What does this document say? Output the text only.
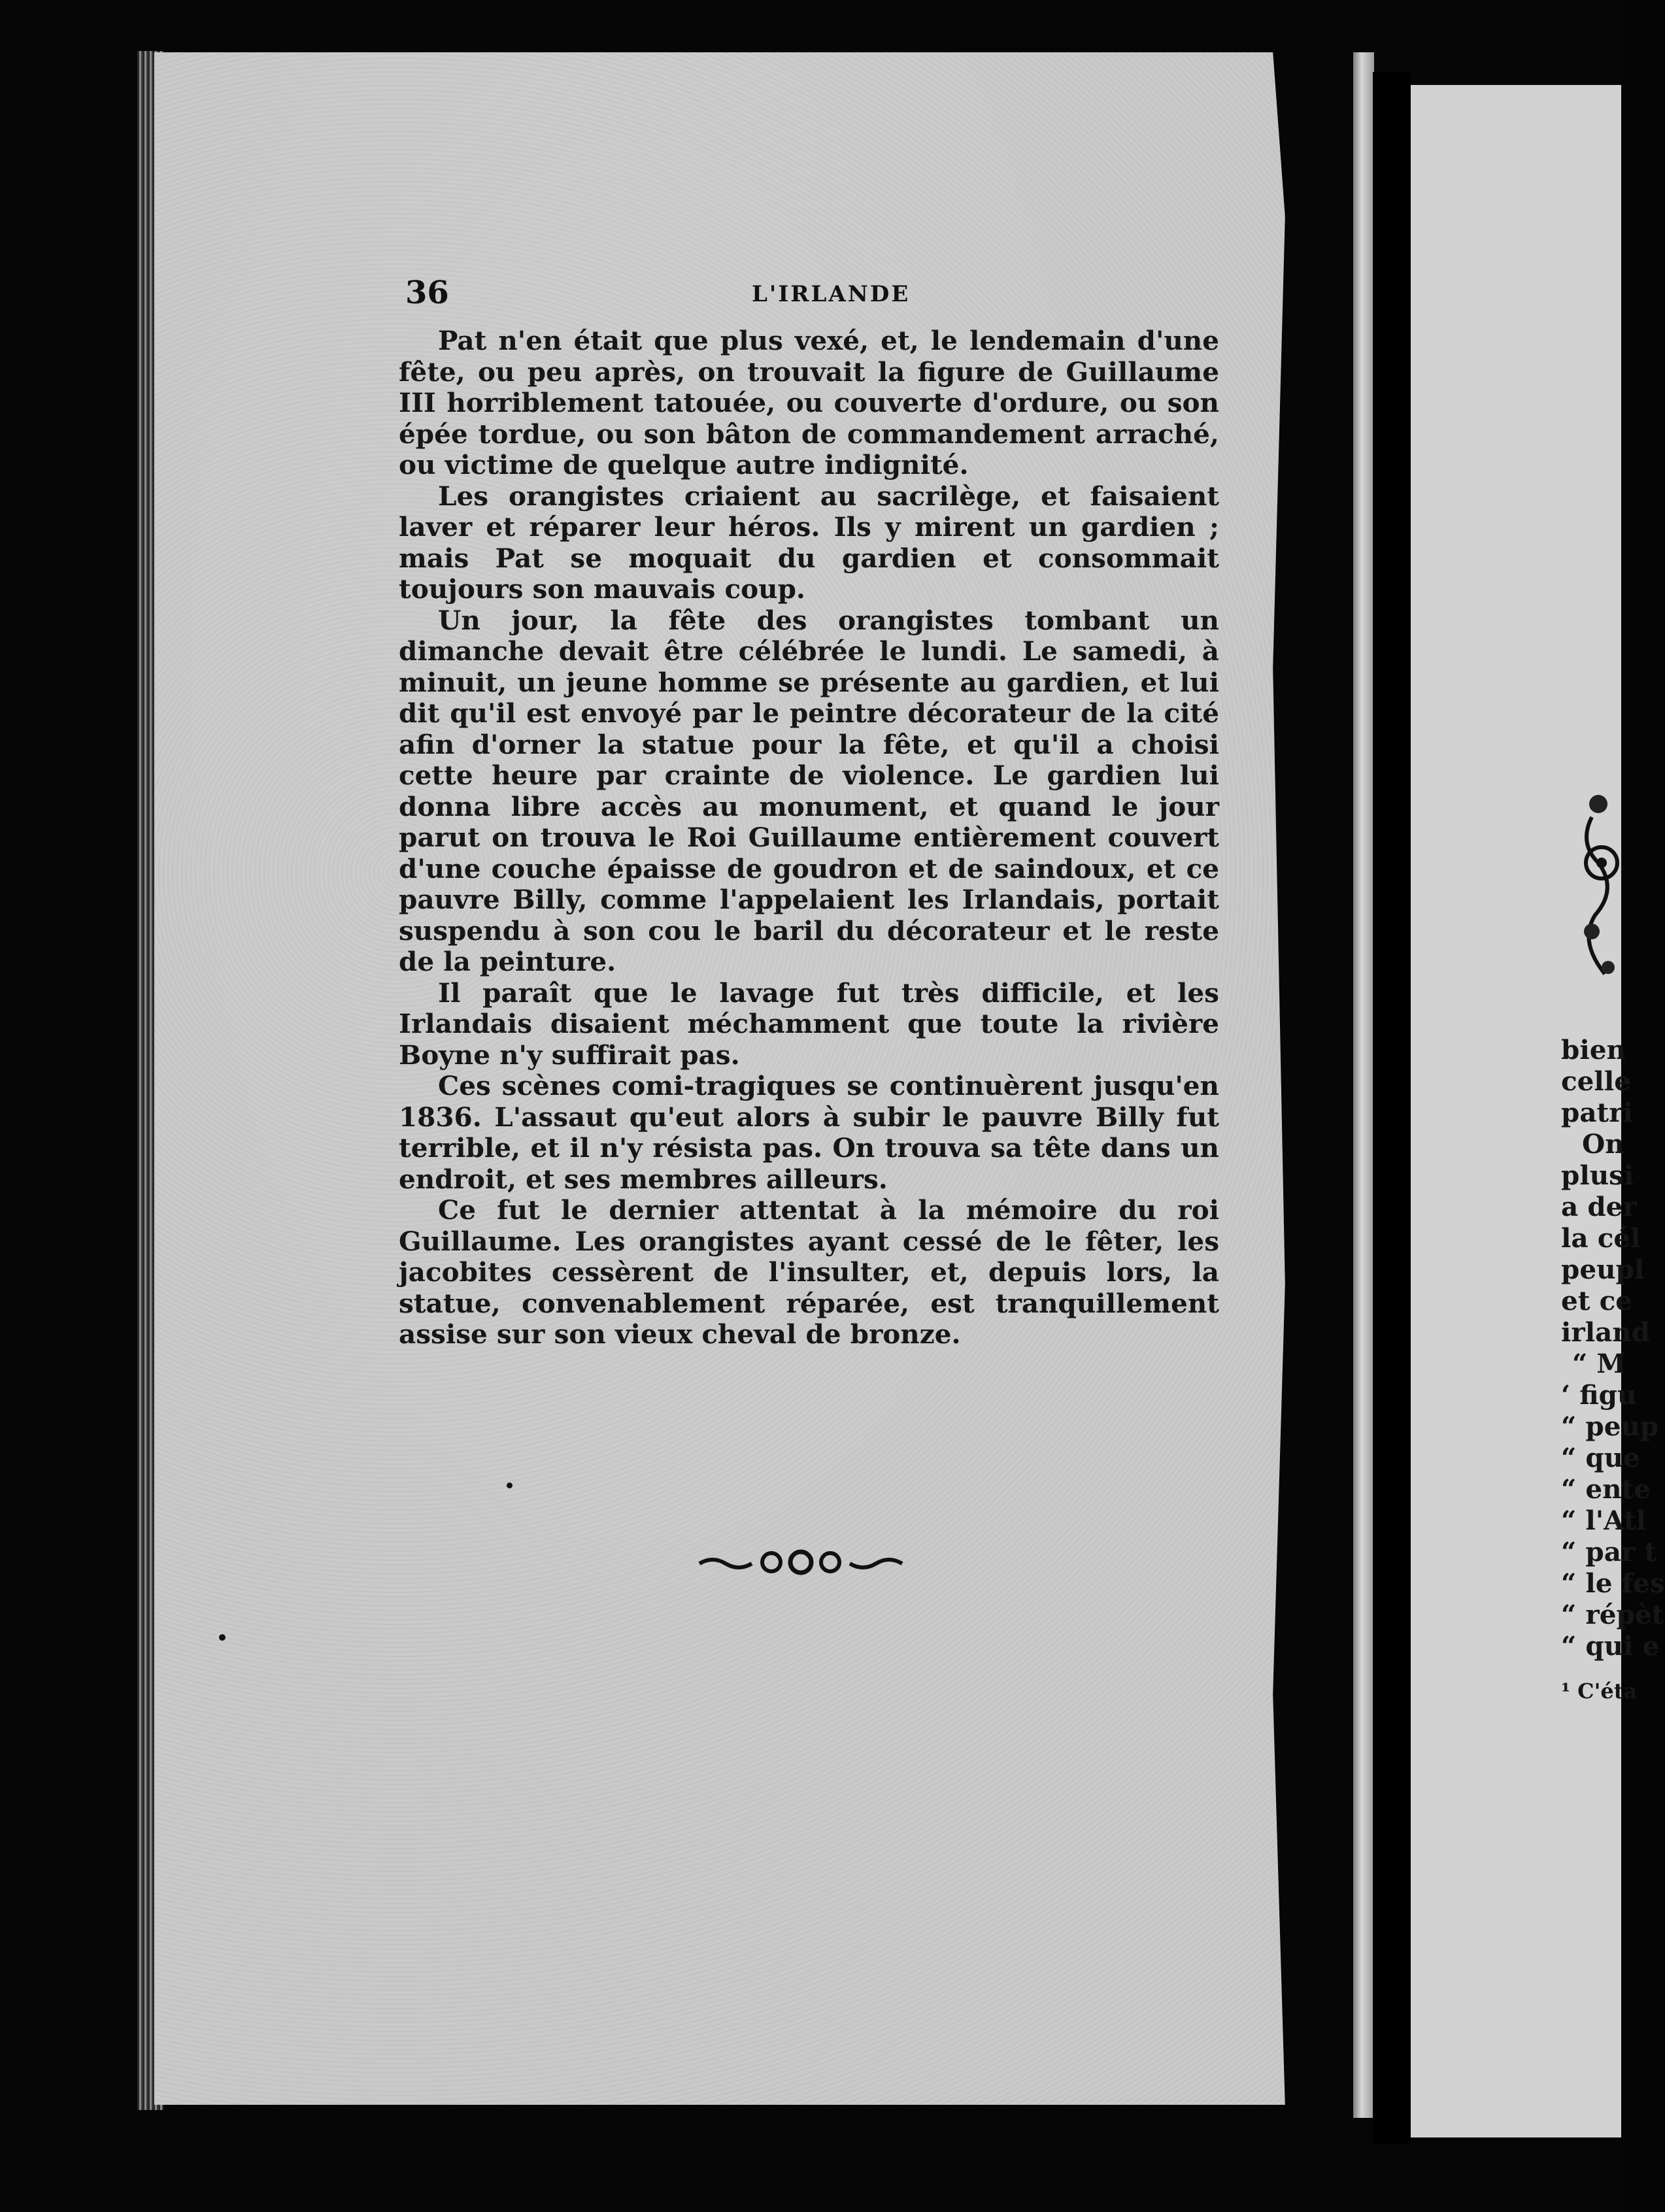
36	L'IRLANDE

Pat n'en était que plus vexé, et, le lendemain d'une fête, ou peu après, on trouvait la figure de Guillaume III horriblement tatouée, ou couverte d'ordure, ou son épée tordue, ou son bâton de commandement arraché, ou victime de quelque autre indignité.

Les orangistes criaient au sacrilège, et faisaient laver et réparer leur héros. Ils y mirent un gardien ; mais Pat se moquait du gardien et consommait toujours son mauvais coup.

Un jour, la fête des orangistes tombant un dimanche devait être célébrée le lundi. Le samedi, à minuit, un jeune homme se présente au gardien, et lui dit qu'il est envoyé par le peintre décorateur de la cité afin d'orner la statue pour la fête, et qu'il a choisi cette heure par crainte de violence. Le gardien lui donna libre accès au monument, et quand le jour parut on trouva le Roi Guillaume entièrement couvert d'une couche épaisse de goudron et de saindoux, et ce pauvre Billy, comme l'appelaient les Irlandais, portait suspendu à son cou le baril du décorateur et le reste de la peinture.

Il paraît que le lavage fut très difficile, et les Irlandais disaient méchamment que toute la rivière Boyne n'y suffirait pas.

Ces scènes comi-tragiques se continuèrent jusqu'en 1836. L'assaut qu'eut alors à subir le pauvre Billy fut terrible, et il n'y résista pas. On trouva sa tête dans un endroit, et ses membres ailleurs.

Ce fut le dernier attentat à la mémoire du roi Guillaume. Les orangistes ayant cessé de le fêter, les jacobites cessèrent de l'insulter, et, depuis lors, la statue, convenablement réparée, est tranquillement assise sur son vieux cheval de bronze.

bien
celle
patri
On
plusi
a der
la cél
peupl
et ce
irland
“ M
‘ figu
“ peup
“ que
“ ente
“ l'Atl
“ par t
“ le fes
“ répèt
“ qui e
¹ C'éta
